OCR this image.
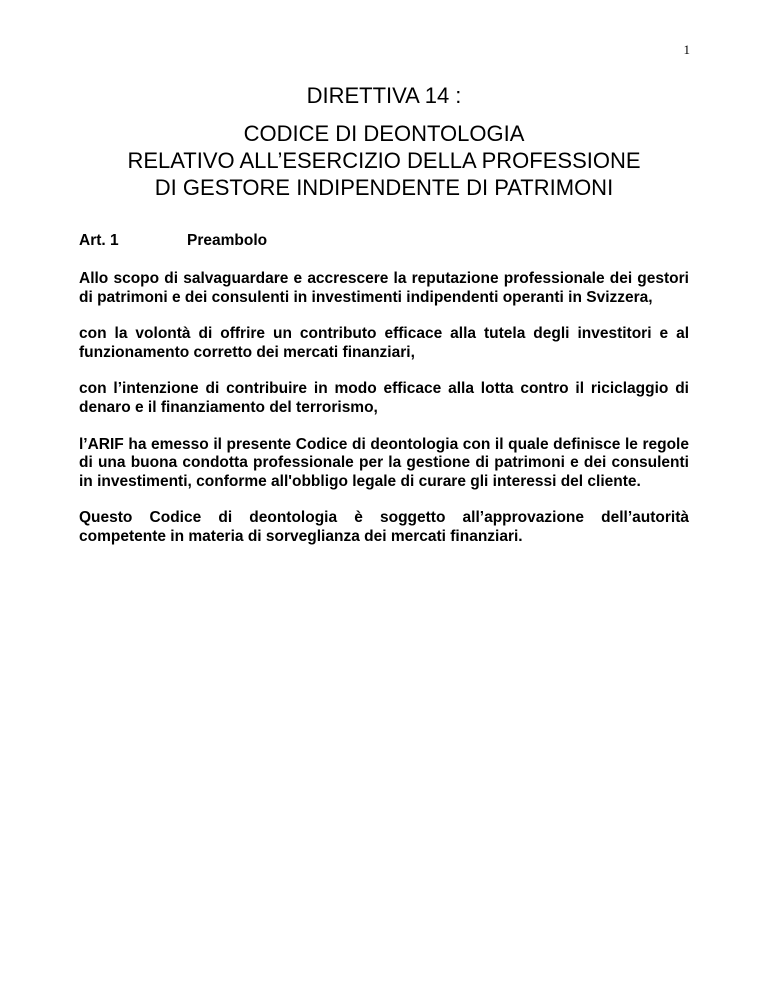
1
DIRETTIVA 14 :
CODICE DI DEONTOLOGIA
RELATIVO ALL’ESERCIZIO DELLA PROFESSIONE
DI GESTORE INDIPENDENTE DI PATRIMONI
Art. 1	Preambolo

Allo scopo di salvaguardare e accrescere la reputazione professionale dei gestori di patrimoni e dei consulenti in investimenti indipendenti operanti in Svizzera,

con la volontà di offrire un contributo efficace alla tutela degli investitori e al funzionamento corretto dei mercati finanziari,

con l’intenzione di contribuire in modo efficace alla lotta contro il riciclaggio di denaro e il finanziamento del terrorismo,

l’ARIF ha emesso il presente Codice di deontologia con il quale definisce le regole di una buona condotta professionale per la gestione di patrimoni e dei consulenti in investimenti, conforme all'obbligo legale di curare gli interessi del cliente.

Questo Codice di deontologia è soggetto all’approvazione dell’autorità competente in materia di sorveglianza dei mercati finanziari.
